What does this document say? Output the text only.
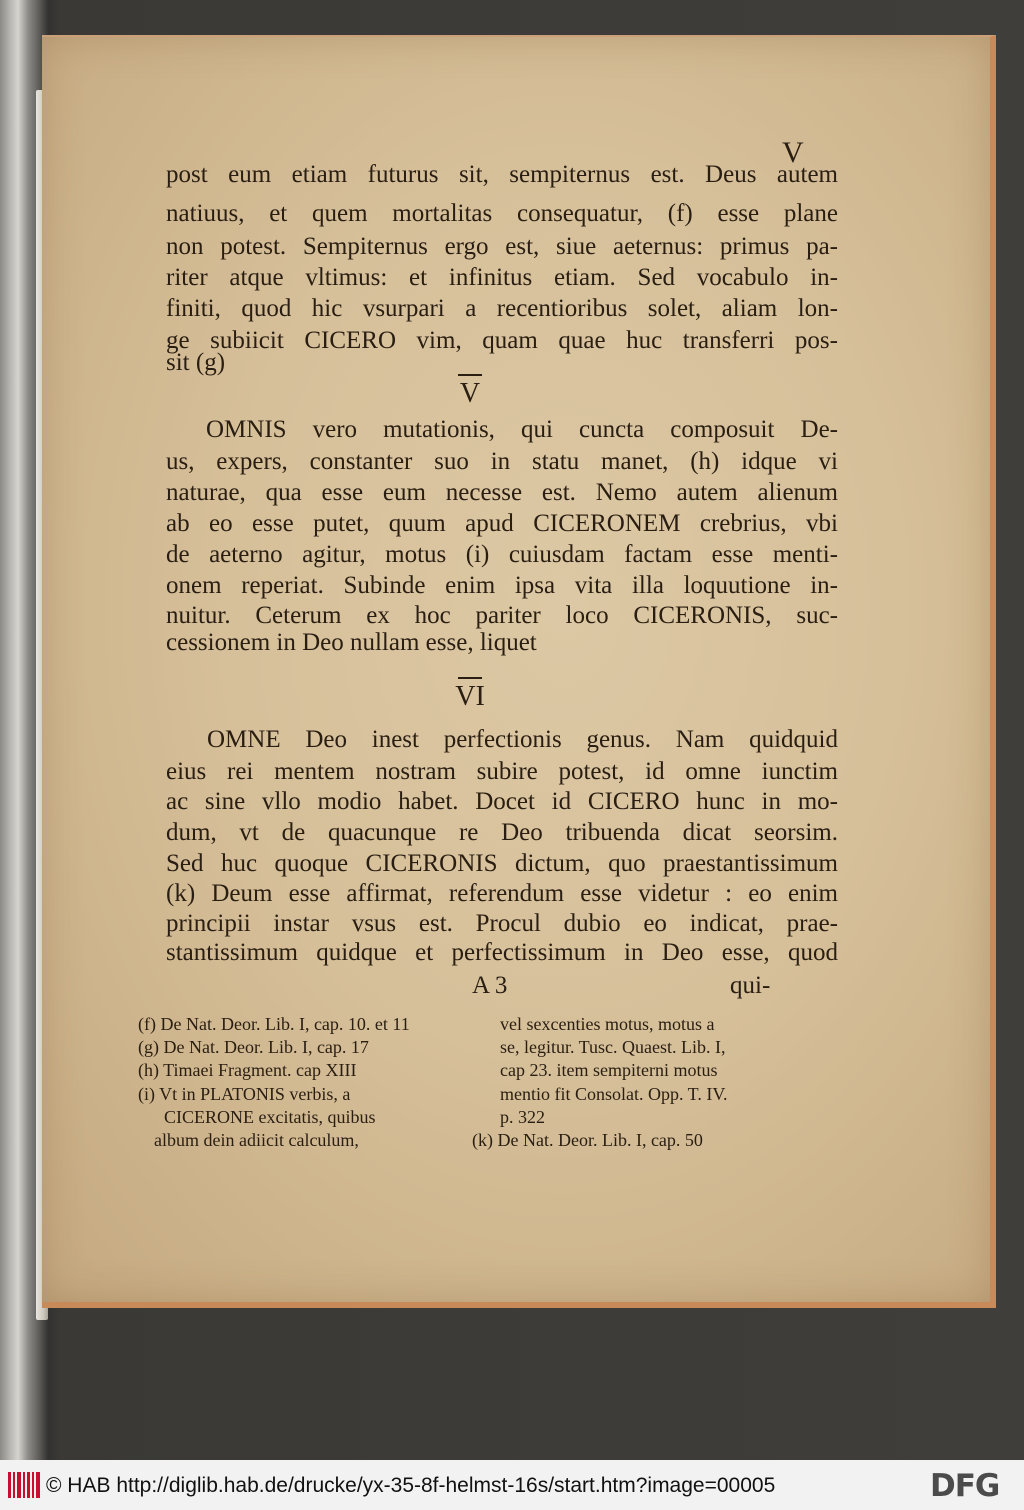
V
post eum etiam futurus sit, sempiternus est. Deus autem
natiuus, et quem mortalitas consequatur, (f) esse plane
non potest. Sempiternus ergo est, siue aeternus: primus pa-
riter atque vltimus: et infinitus etiam. Sed vocabulo in-
finiti, quod hic vsurpari a recentioribus solet, aliam lon-
ge subiicit CICERO vim, quam quae huc transferri pos-
sit (g)
V
OMNIS vero mutationis, qui cuncta composuit De-
us, expers, constanter suo in statu manet, (h) idque vi
naturae, qua esse eum necesse est. Nemo autem alienum
ab eo esse putet, quum apud CICERONEM crebrius, vbi
de aeterno agitur, motus (i) cuiusdam factam esse menti-
onem reperiat. Subinde enim ipsa vita illa loquutione in-
nuitur. Ceterum ex hoc pariter loco CICERONIS, suc-
cessionem in Deo nullam esse, liquet
VI
OMNE Deo inest perfectionis genus. Nam quidquid
eius rei mentem nostram subire potest, id omne iunctim
ac sine vllo modio habet. Docet id CICERO hunc in mo-
dum, vt de quacunque re Deo tribuenda dicat seorsim.
Sed huc quoque CICERONIS dictum, quo praestantissimum
(k) Deum esse affirmat, referendum esse videtur : eo enim
principii instar vsus est. Procul dubio eo indicat, prae-
stantissimum quidque et perfectissimum in Deo esse, quod
A 3	qui-
(f) De Nat. Deor. Lib. I, cap. 10. et 11
(g) De Nat. Deor. Lib. I, cap. 17
(h) Timaei Fragment. cap XIII
(i) Vt in PLATONIS verbis, a
CICERONE excitatis, quibus
album dein adiicit calculum,
vel sexcenties motus, motus a
se, legitur. Tusc. Quaest. Lib. I,
cap 23. item sempiterni motus
mentio fit Consolat. Opp. T. IV.
p. 322
(k) De Nat. Deor. Lib. I, cap. 50
© HAB http://diglib.hab.de/drucke/yx-35-8f-helmst-16s/start.htm?image=00005	DFG
